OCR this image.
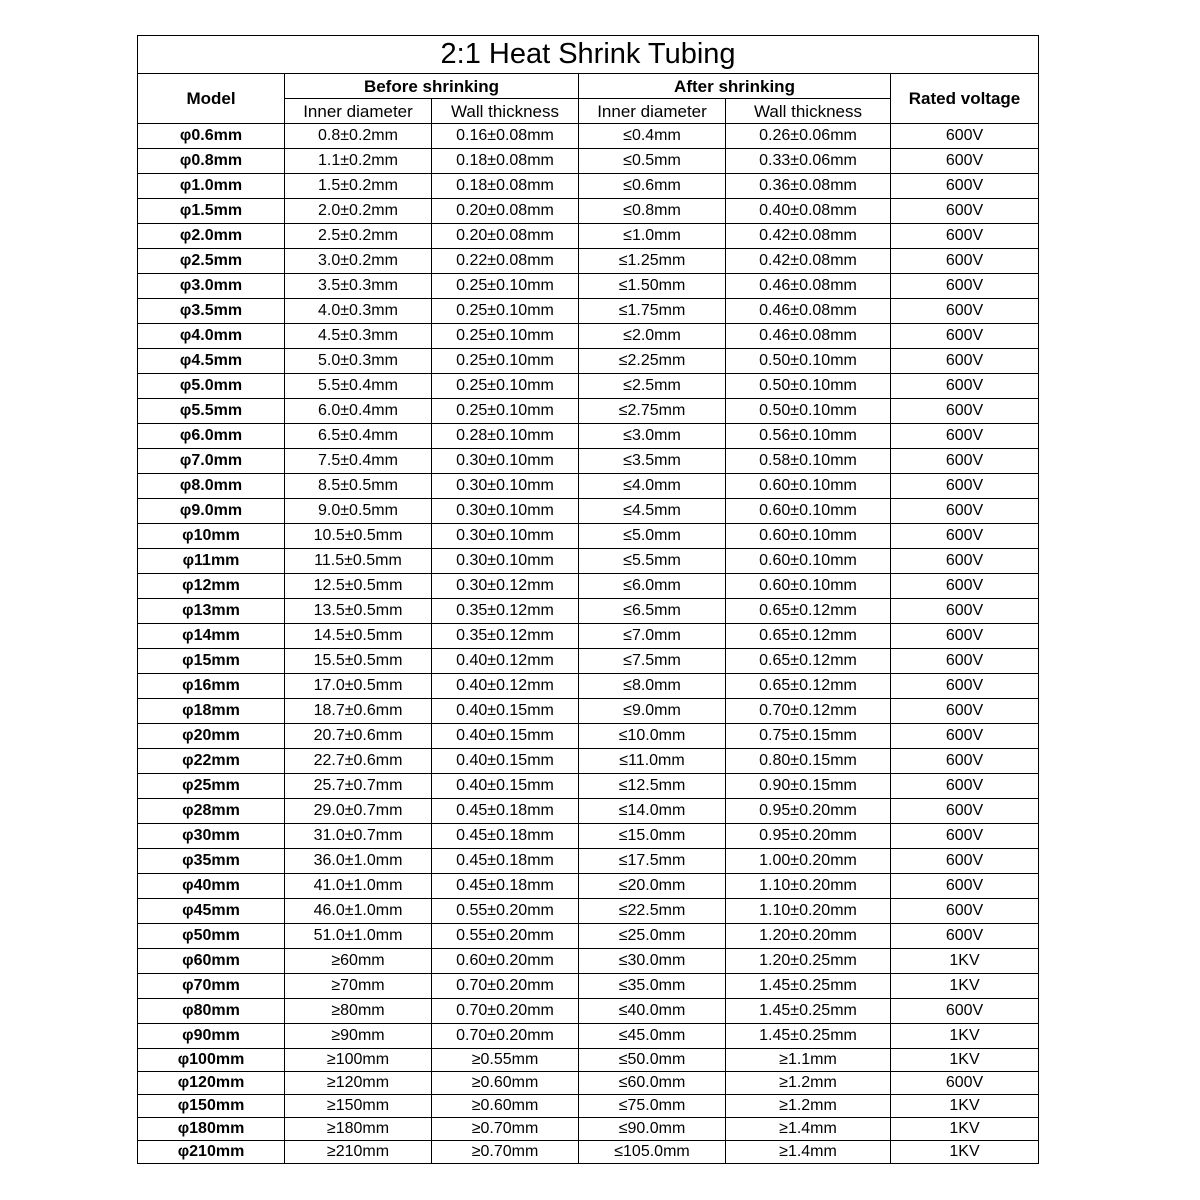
2:1 Heat Shrink Tubing					
Model	Before shrinking		After shrinking		Rated voltage
	Inner diameter	Wall thickness	Inner diameter	Wall thickness	
φ0.6mm	0.8±0.2mm	0.16±0.08mm	≤0.4mm	0.26±0.06mm	600V
φ0.8mm	1.1±0.2mm	0.18±0.08mm	≤0.5mm	0.33±0.06mm	600V
φ1.0mm	1.5±0.2mm	0.18±0.08mm	≤0.6mm	0.36±0.08mm	600V
φ1.5mm	2.0±0.2mm	0.20±0.08mm	≤0.8mm	0.40±0.08mm	600V
φ2.0mm	2.5±0.2mm	0.20±0.08mm	≤1.0mm	0.42±0.08mm	600V
φ2.5mm	3.0±0.2mm	0.22±0.08mm	≤1.25mm	0.42±0.08mm	600V
φ3.0mm	3.5±0.3mm	0.25±0.10mm	≤1.50mm	0.46±0.08mm	600V
φ3.5mm	4.0±0.3mm	0.25±0.10mm	≤1.75mm	0.46±0.08mm	600V
φ4.0mm	4.5±0.3mm	0.25±0.10mm	≤2.0mm	0.46±0.08mm	600V
φ4.5mm	5.0±0.3mm	0.25±0.10mm	≤2.25mm	0.50±0.10mm	600V
φ5.0mm	5.5±0.4mm	0.25±0.10mm	≤2.5mm	0.50±0.10mm	600V
φ5.5mm	6.0±0.4mm	0.25±0.10mm	≤2.75mm	0.50±0.10mm	600V
φ6.0mm	6.5±0.4mm	0.28±0.10mm	≤3.0mm	0.56±0.10mm	600V
φ7.0mm	7.5±0.4mm	0.30±0.10mm	≤3.5mm	0.58±0.10mm	600V
φ8.0mm	8.5±0.5mm	0.30±0.10mm	≤4.0mm	0.60±0.10mm	600V
φ9.0mm	9.0±0.5mm	0.30±0.10mm	≤4.5mm	0.60±0.10mm	600V
φ10mm	10.5±0.5mm	0.30±0.10mm	≤5.0mm	0.60±0.10mm	600V
φ11mm	11.5±0.5mm	0.30±0.10mm	≤5.5mm	0.60±0.10mm	600V
φ12mm	12.5±0.5mm	0.30±0.12mm	≤6.0mm	0.60±0.10mm	600V
φ13mm	13.5±0.5mm	0.35±0.12mm	≤6.5mm	0.65±0.12mm	600V
φ14mm	14.5±0.5mm	0.35±0.12mm	≤7.0mm	0.65±0.12mm	600V
φ15mm	15.5±0.5mm	0.40±0.12mm	≤7.5mm	0.65±0.12mm	600V
φ16mm	17.0±0.5mm	0.40±0.12mm	≤8.0mm	0.65±0.12mm	600V
φ18mm	18.7±0.6mm	0.40±0.15mm	≤9.0mm	0.70±0.12mm	600V
φ20mm	20.7±0.6mm	0.40±0.15mm	≤10.0mm	0.75±0.15mm	600V
φ22mm	22.7±0.6mm	0.40±0.15mm	≤11.0mm	0.80±0.15mm	600V
φ25mm	25.7±0.7mm	0.40±0.15mm	≤12.5mm	0.90±0.15mm	600V
φ28mm	29.0±0.7mm	0.45±0.18mm	≤14.0mm	0.95±0.20mm	600V
φ30mm	31.0±0.7mm	0.45±0.18mm	≤15.0mm	0.95±0.20mm	600V
φ35mm	36.0±1.0mm	0.45±0.18mm	≤17.5mm	1.00±0.20mm	600V
φ40mm	41.0±1.0mm	0.45±0.18mm	≤20.0mm	1.10±0.20mm	600V
φ45mm	46.0±1.0mm	0.55±0.20mm	≤22.5mm	1.10±0.20mm	600V
φ50mm	51.0±1.0mm	0.55±0.20mm	≤25.0mm	1.20±0.20mm	600V
φ60mm	≥60mm	0.60±0.20mm	≤30.0mm	1.20±0.25mm	1KV
φ70mm	≥70mm	0.70±0.20mm	≤35.0mm	1.45±0.25mm	1KV
φ80mm	≥80mm	0.70±0.20mm	≤40.0mm	1.45±0.25mm	600V
φ90mm	≥90mm	0.70±0.20mm	≤45.0mm	1.45±0.25mm	1KV
φ100mm	≥100mm	≥0.55mm	≤50.0mm	≥1.1mm	1KV
φ120mm	≥120mm	≥0.60mm	≤60.0mm	≥1.2mm	600V
φ150mm	≥150mm	≥0.60mm	≤75.0mm	≥1.2mm	1KV
φ180mm	≥180mm	≥0.70mm	≤90.0mm	≥1.4mm	1KV
φ210mm	≥210mm	≥0.70mm	≤105.0mm	≥1.4mm	1KV
